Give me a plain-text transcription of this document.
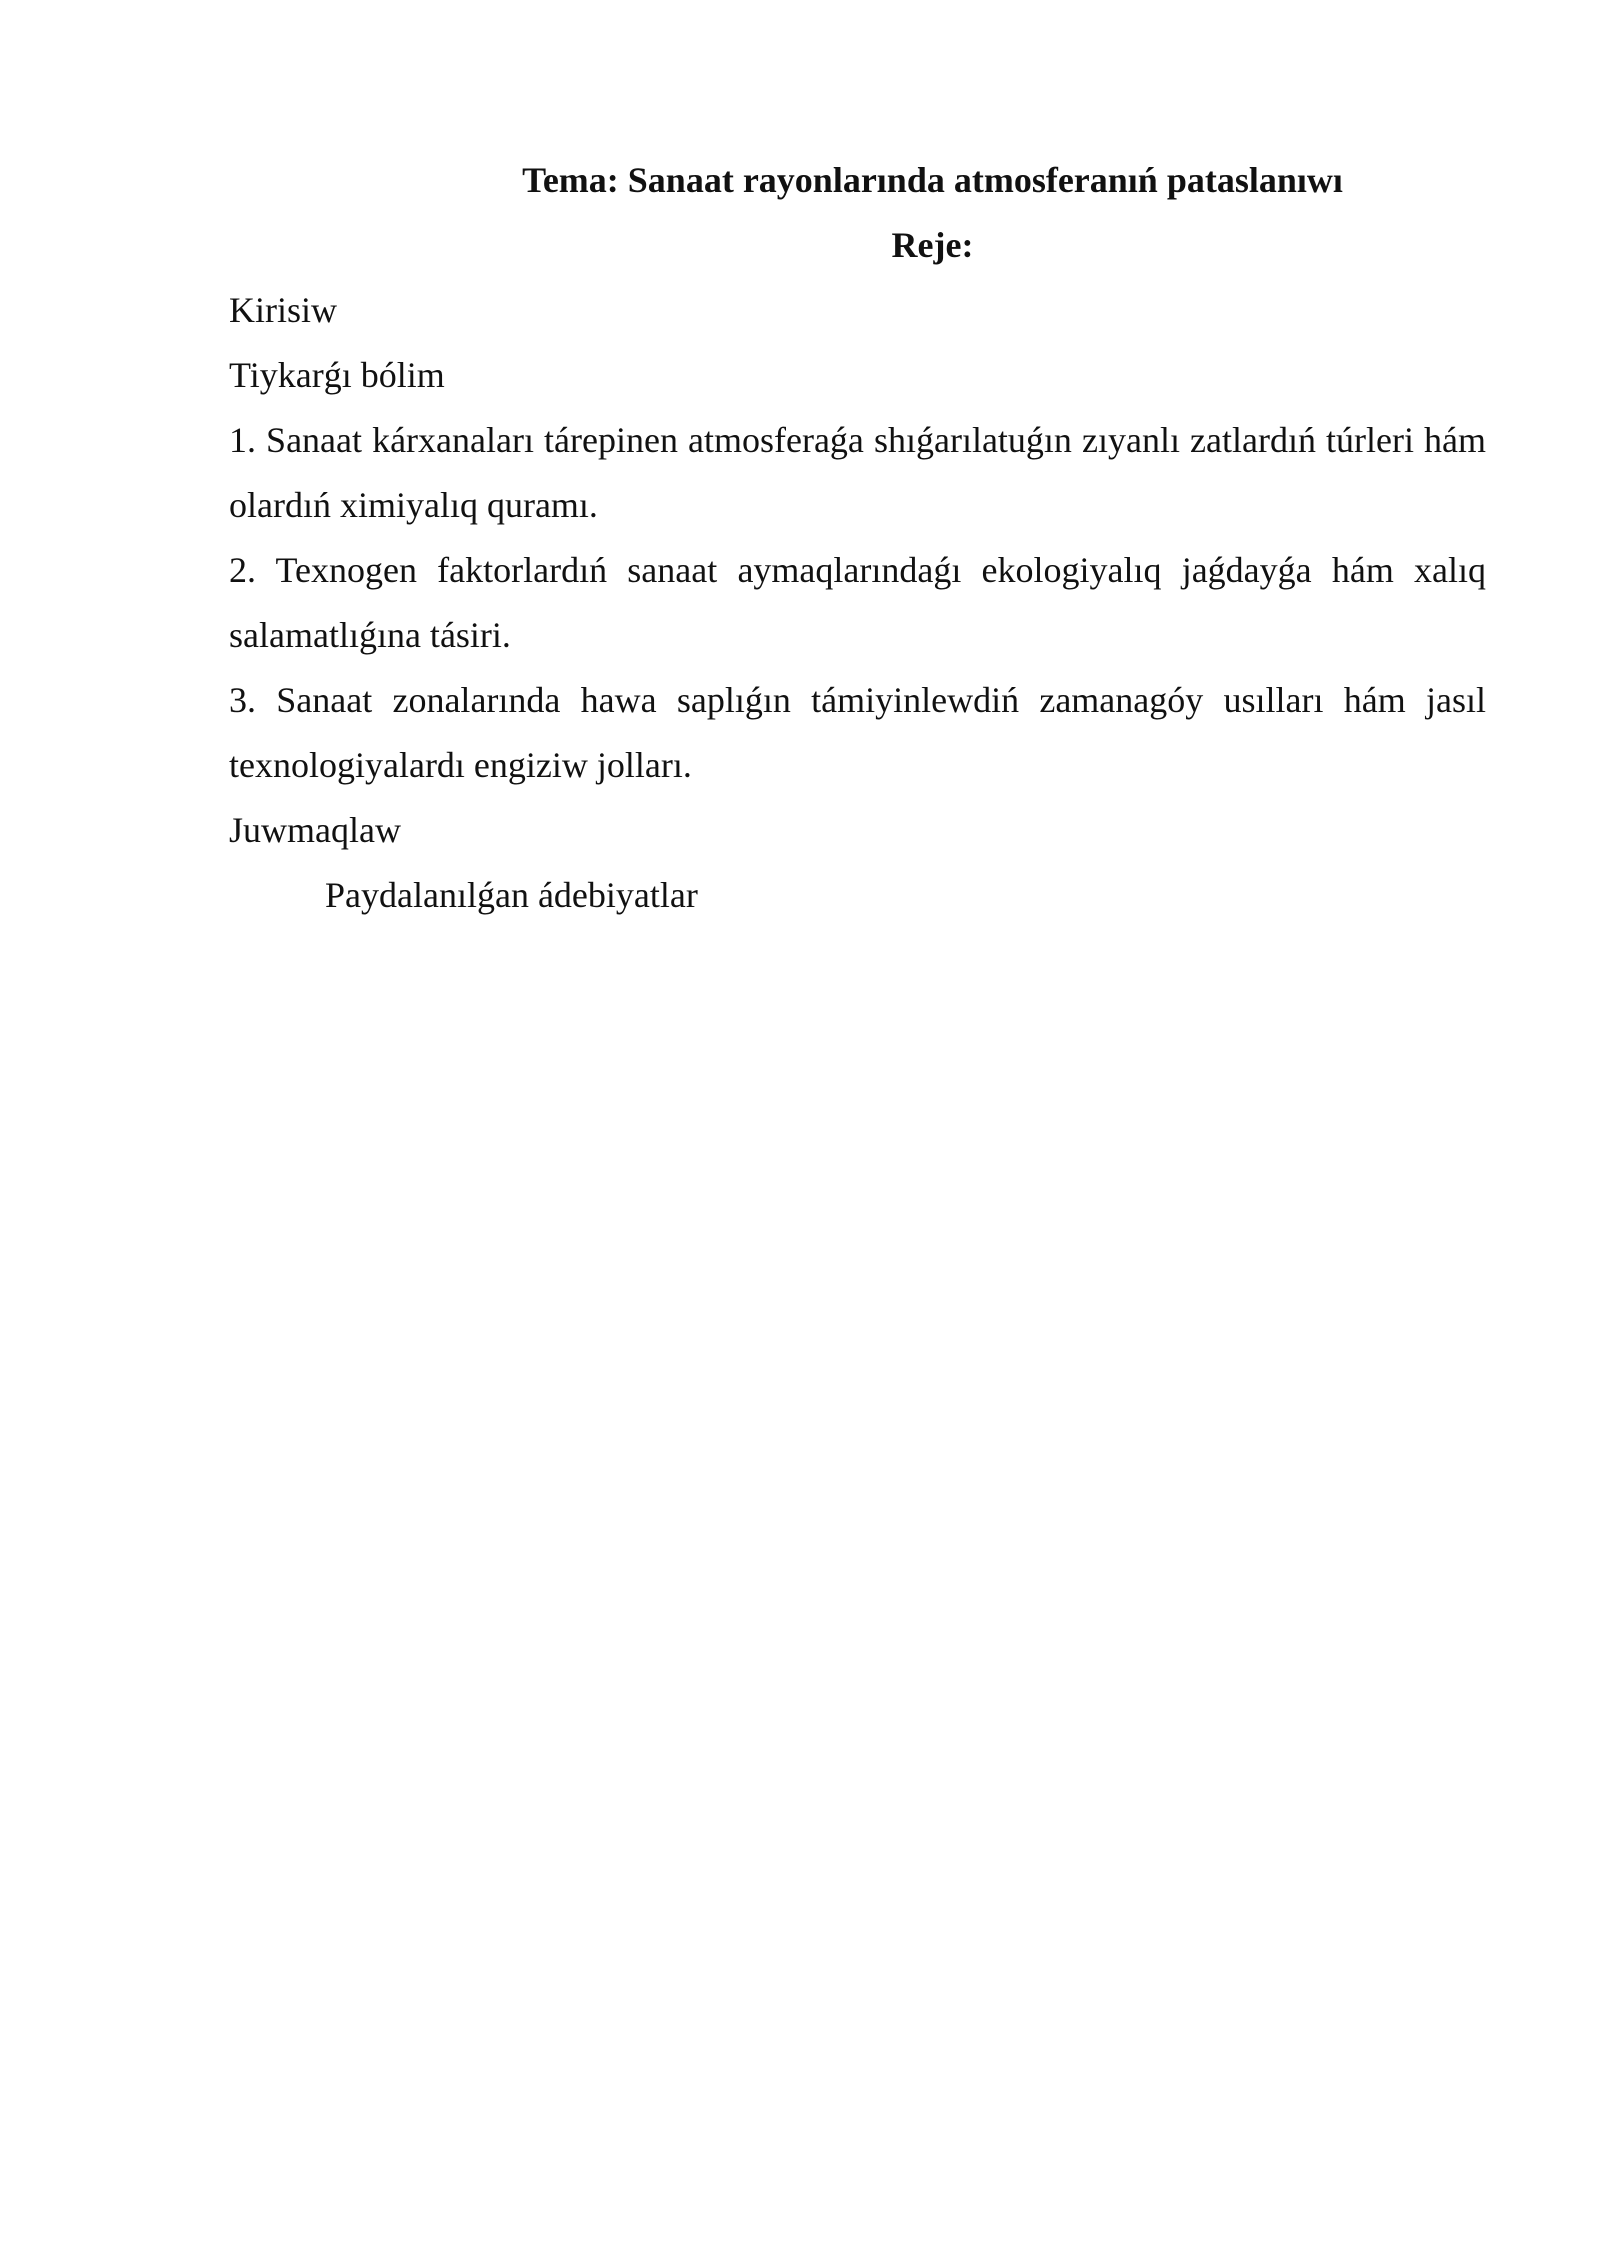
Tema: Sanaat rayonlarında atmosferanıń pataslanıwı

Reje:

Kirisiw

Tiykarǵı bólim

1. Sanaat kárxanaları tárepinen atmosferaǵa shıǵarılatuǵın zıyanlı zatlardıń túrleri hám olardıń ximiyalıq quramı.

2. Texnogen faktorlardıń sanaat aymaqlarındaǵı ekologiyalıq jaǵdayǵa hám xalıq salamatlıǵına tásiri.

3. Sanaat zonalarında hawa saplıǵın támiyinlewdiń zamanagóy usılları hám jasıl texnologiyalardı engiziw jolları.

Juwmaqlaw

Paydalanılǵan ádebiyatlar
